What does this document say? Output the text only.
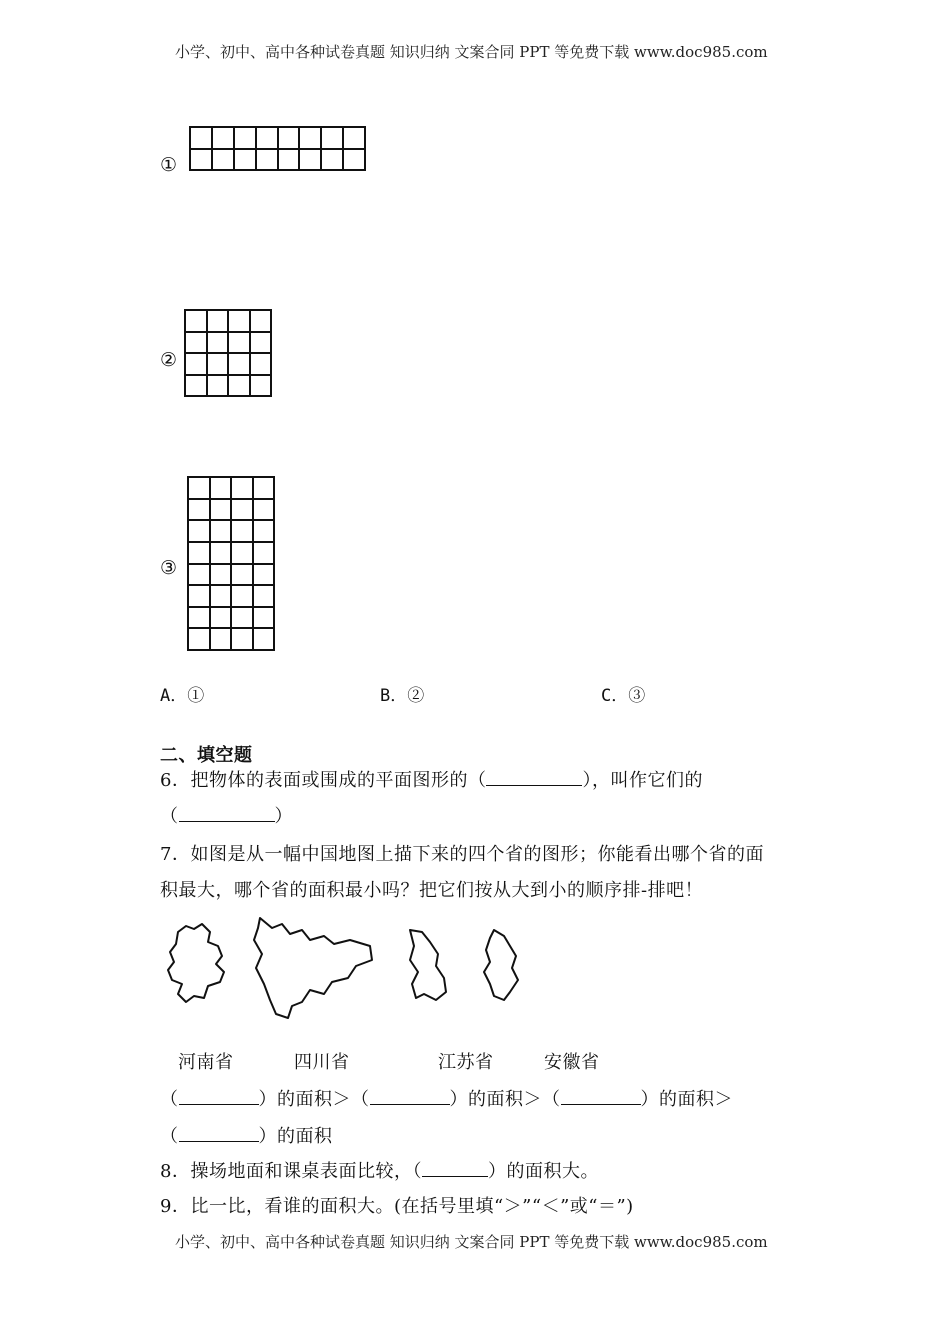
小学、初中、高中各种试卷真题 知识归纳 文案合同 PPT 等免费下载 www.doc985.com
①

②

③

A．①	B．②	C．③
二、填空题
6．把物体的表面或围成的平面图形的（	），叫作它们的
（	）
7．如图是从一幅中国地图上描下来的四个省的图形；你能看出哪个省的面
积最大，哪个省的面积最小吗？把它们按从大到小的顺序排-排吧！
河南省	四川省	江苏省	安徽省
（	）的面积＞（	）的面积＞（	）的面积＞
（	）的面积
8．操场地面和课桌表面比较，（	）的面积大。
9．比一比，看谁的面积大。(在括号里填“＞”“＜”或“＝”)
小学、初中、高中各种试卷真题 知识归纳 文案合同 PPT 等免费下载 www.doc985.com
